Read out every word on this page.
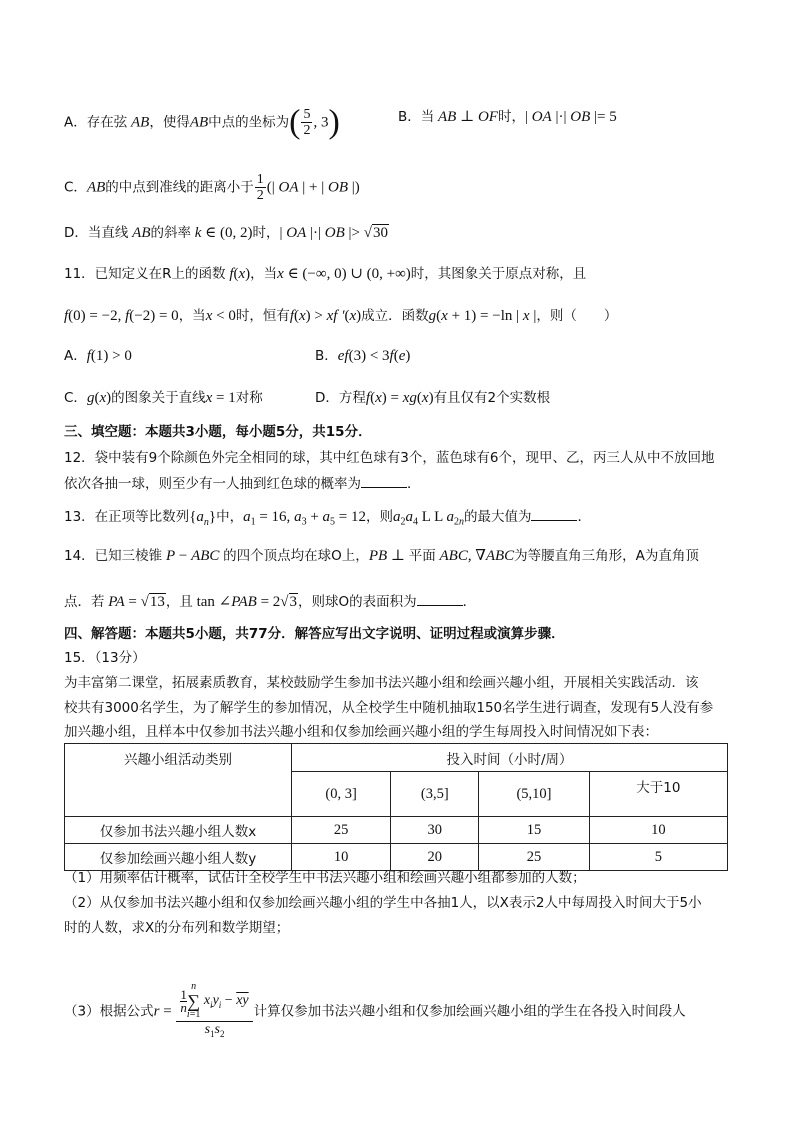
A．存在弦 AB，使得AB中点的坐标为( $\frac{5}{2}$ , 3)	B．当 AB ⊥ OF时，| OA |·| OB |= 5
C．AB的中点到准线的距离小于 $\frac{1}{2}$ (| OA | + | OB |)
D．当直线 AB的斜率 k ∈ (0, 2)时，| OA |·| OB |> √30
11．已知定义在R上的函数 f(x)，当x ∈ (−∞, 0) ∪ (0, +∞)时，其图象关于原点对称，且
f(0) = −2, f(−2) = 0，当x < 0时，恒有f(x) > xf ′(x)成立．函数g(x + 1) = −ln | x |，则（　　）
A．f(1) > 0	B．ef(3) < 3f(e)
C．g(x)的图象关于直线x = 1对称	D．方程f(x) = xg(x)有且仅有2个实数根
三、填空题：本题共3小题，每小题5分，共15分．
12．袋中装有9个除颜色外完全相同的球，其中红色球有3个，蓝色球有6个，现甲、乙，丙三人从中不放回地
依次各抽一球，则至少有一人抽到红色球的概率为	．
13．在正项等比数列$\{a_n\}$中，$a_1 = 16$, $a_3 + a_5 = 12$，则$a_2a_4$ L L $a_{2n}$的最大值为	．
14．已知三棱锥 P − ABC 的四个顶点均在球O上，PB ⊥ 平面 ABC, ∇ABC为等腰直角三角形，A为直角顶
点．若 PA = √13，且 tan ∠PAB = 2√3，则球O的表面积为	．
四、解答题：本题共5小题，共77分．解答应写出文字说明、证明过程或演算步骤．
15．（13分）
为丰富第二课堂，拓展素质教育，某校鼓励学生参加书法兴趣小组和绘画兴趣小组，开展相关实践活动．该
校共有3000名学生，为了解学生的参加情况，从全校学生中随机抽取150名学生进行调查，发现有5人没有参
加兴趣小组，且样本中仅参加书法兴趣小组和仅参加绘画兴趣小组的学生每周投入时间情况如下表：
兴趣小组活动类别	投入时间（小时/周）			
	(0, 3]	(3,5]	(5,10]	大于10
仅参加书法兴趣小组人数x	25	30	15	10
仅参加绘画兴趣小组人数y	10	20	25	5
（1）用频率估计概率，试估计全校学生中书法兴趣小组和绘画兴趣小组都参加的人数；
（2）从仅参加书法兴趣小组和仅参加绘画兴趣小组的学生中各抽1人，以X表示2人中每周投入时间大于5小
时的人数，求X的分布列和数学期望；
（3）根据公式$r = \frac{1}{n}$
n
∑
i=1
$x_iy_i - \overline{xy}$
$s_1s_2$ 计算仅参加书法兴趣小组和仅参加绘画兴趣小组的学生在各投入时间段人
